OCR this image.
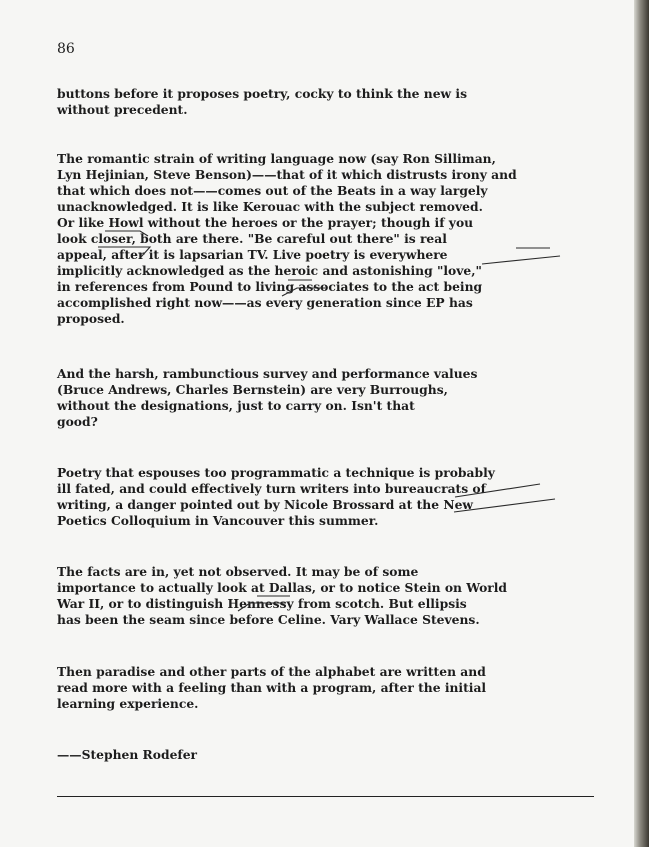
86
buttons before it proposes poetry, cocky to think the new is
without precedent.
The romantic strain of writing language now (say Ron Silliman,
Lyn Hejinian, Steve Benson)——that of it which distrusts irony and
that which does not——comes out of the Beats in a way largely
unacknowledged. It is like Kerouac with the subject removed.
Or like Howl without the heroes or the prayer; though if you
look closer, both are there. "Be careful out there" is real
appeal, after it is lapsarian TV. Live poetry is everywhere
implicitly acknowledged as the heroic and astonishing "love,"
in references from Pound to living associates to the act being
accomplished right now——as every generation since EP has
proposed.
And the harsh, rambunctious survey and performance values
(Bruce Andrews, Charles Bernstein) are very Burroughs,
without the designations, just to carry on. Isn't that
good?
Poetry that espouses too programmatic a technique is probably
ill fated, and could effectively turn writers into bureaucrats of
writing, a danger pointed out by Nicole Brossard at the New
Poetics Colloquium in Vancouver this summer.
The facts are in, yet not observed. It may be of some
importance to actually look at Dallas, or to notice Stein on World
War II, or to distinguish Hennessy from scotch. But ellipsis
has been the seam since before Celine. Vary Wallace Stevens.
Then paradise and other parts of the alphabet are written and
read more with a feeling than with a program, after the initial
learning experience.
——Stephen Rodefer
